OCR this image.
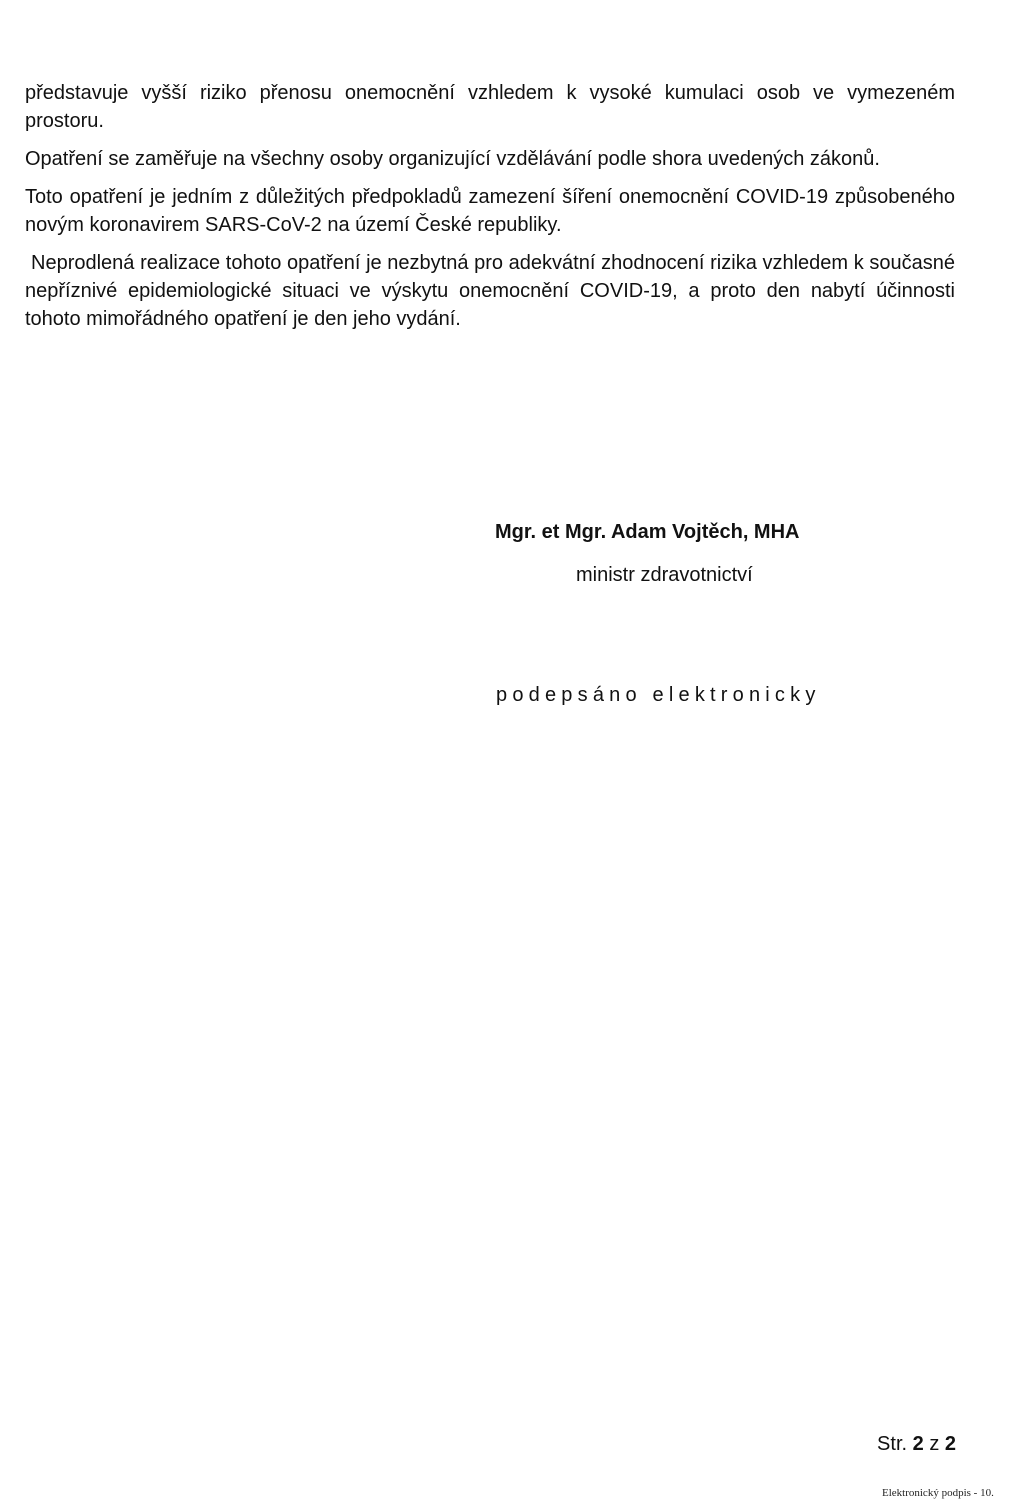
představuje vyšší riziko přenosu onemocnění vzhledem k vysoké kumulaci osob ve vymezeném prostoru.

Opatření se zaměřuje na všechny osoby organizující vzdělávání podle shora uvedených zákonů.

Toto opatření je jedním z důležitých předpokladů zamezení šíření onemocnění COVID-19 způsobeného novým koronavirem SARS-CoV-2 na území České republiky.

Neprodlená realizace tohoto opatření je nezbytná pro adekvátní zhodnocení rizika vzhledem k současné nepříznivé epidemiologické situaci ve výskytu onemocnění COVID-19, a proto den nabytí účinnosti tohoto mimořádného opatření je den jeho vydání.

Mgr. et Mgr. Adam Vojtěch, MHA
ministr zdravotnictví
podepsáno elektronicky
Str. 2 z 2
Elektronický podpis - 10.
